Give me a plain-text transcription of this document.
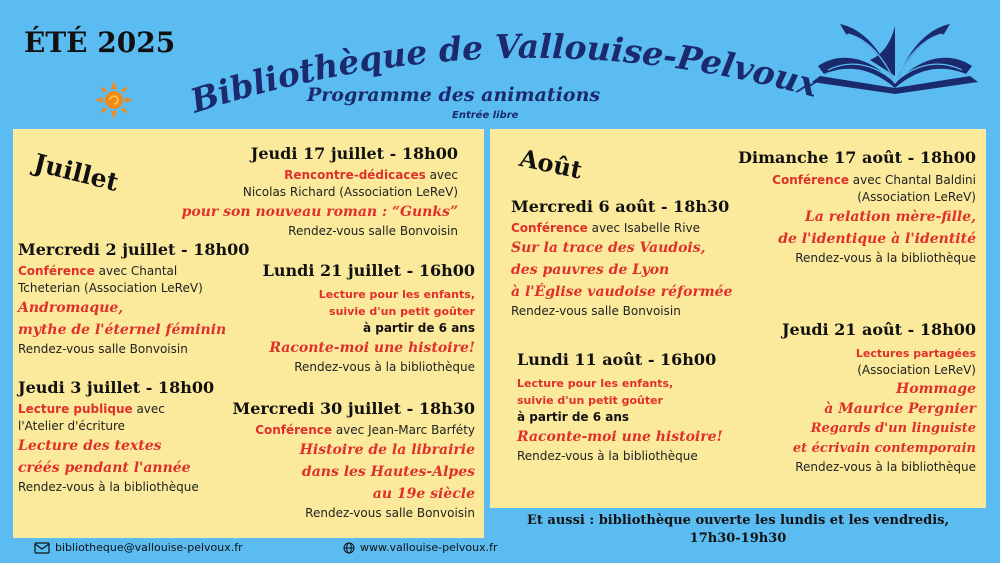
ÉTÉ 2025
Bibliothèque de Vallouise-Pelvoux
Programme des animations
Entrée libre
Juillet	Jeudi 17 juillet - 18h00
Rencontre-dédicaces avec
Nicolas Richard (Association LeReV)
pour son nouveau roman : “Gunks”
Rendez-vous salle Bonvoisin
Mercredi 2 juillet - 18h00
Conférence avec Chantal
Tcheterian (Association LeReV)
Andromaque,
mythe de l'éternel féminin
Rendez-vous salle Bonvoisin
Lundi 21 juillet - 16h00
Lecture pour les enfants,
suivie d'un petit goûter
à partir de 6 ans
Raconte-moi une histoire!
Rendez-vous à la bibliothèque
Jeudi 3 juillet - 18h00
Lecture publique avec
l'Atelier d'écriture
Lecture des textes
créés pendant l'année
Rendez-vous à la bibliothèque
Mercredi 30 juillet - 18h30
Conférence avec Jean-Marc Barféty
Histoire de la librairie
dans les Hautes-Alpes
au 19e siècle
Rendez-vous salle Bonvoisin
Août	Dimanche 17 août - 18h00
Conférence avec Chantal Baldini
(Association LeReV)
La relation mère-fille,
de l'identique à l'identité
Rendez-vous à la bibliothèque
Mercredi 6 août - 18h30
Conférence avec Isabelle Rive
Sur la trace des Vaudois,
des pauvres de Lyon
à l'Église vaudoise réformée
Rendez-vous salle Bonvoisin
Lundi 11 août - 16h00
Lecture pour les enfants,
suivie d'un petit goûter
à partir de 6 ans
Raconte-moi une histoire!
Rendez-vous à la bibliothèque
Jeudi 21 août - 18h00
Lectures partagées
(Association LeReV)
Hommage
à Maurice Pergnier
Regards d'un linguiste
et écrivain contemporain
Rendez-vous à la bibliothèque
Et aussi : bibliothèque ouverte les lundis et les vendredis,
17h30-19h30
bibliotheque@vallouise-pelvoux.fr	www.vallouise-pelvoux.fr
